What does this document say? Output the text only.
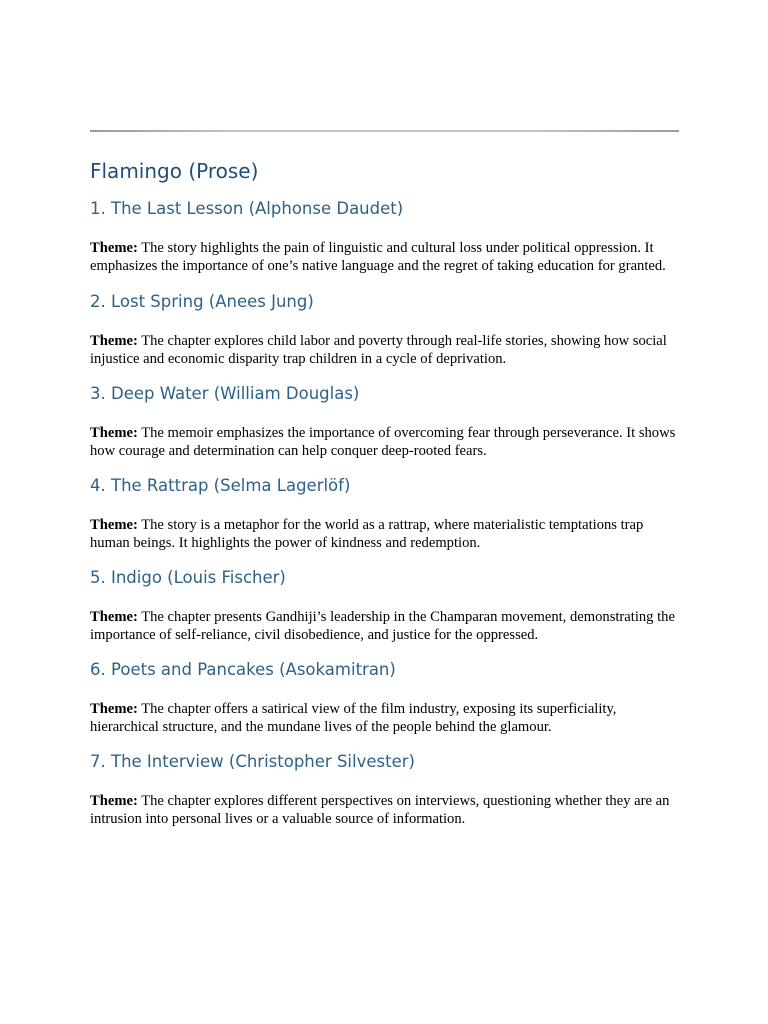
Flamingo (Prose)
1. The Last Lesson (Alphonse Daudet)

Theme: The story highlights the pain of linguistic and cultural loss under political oppression. It emphasizes the importance of one’s native language and the regret of taking education for granted.

2. Lost Spring (Anees Jung)

Theme: The chapter explores child labor and poverty through real-life stories, showing how social injustice and economic disparity trap children in a cycle of deprivation.

3. Deep Water (William Douglas)

Theme: The memoir emphasizes the importance of overcoming fear through perseverance. It shows how courage and determination can help conquer deep-rooted fears.

4. The Rattrap (Selma Lagerlöf)

Theme: The story is a metaphor for the world as a rattrap, where materialistic temptations trap human beings. It highlights the power of kindness and redemption.

5. Indigo (Louis Fischer)

Theme: The chapter presents Gandhiji’s leadership in the Champaran movement, demonstrating the importance of self-reliance, civil disobedience, and justice for the oppressed.

6. Poets and Pancakes (Asokamitran)

Theme: The chapter offers a satirical view of the film industry, exposing its superficiality, hierarchical structure, and the mundane lives of the people behind the glamour.

7. The Interview (Christopher Silvester)

Theme: The chapter explores different perspectives on interviews, questioning whether they are an intrusion into personal lives or a valuable source of information.
